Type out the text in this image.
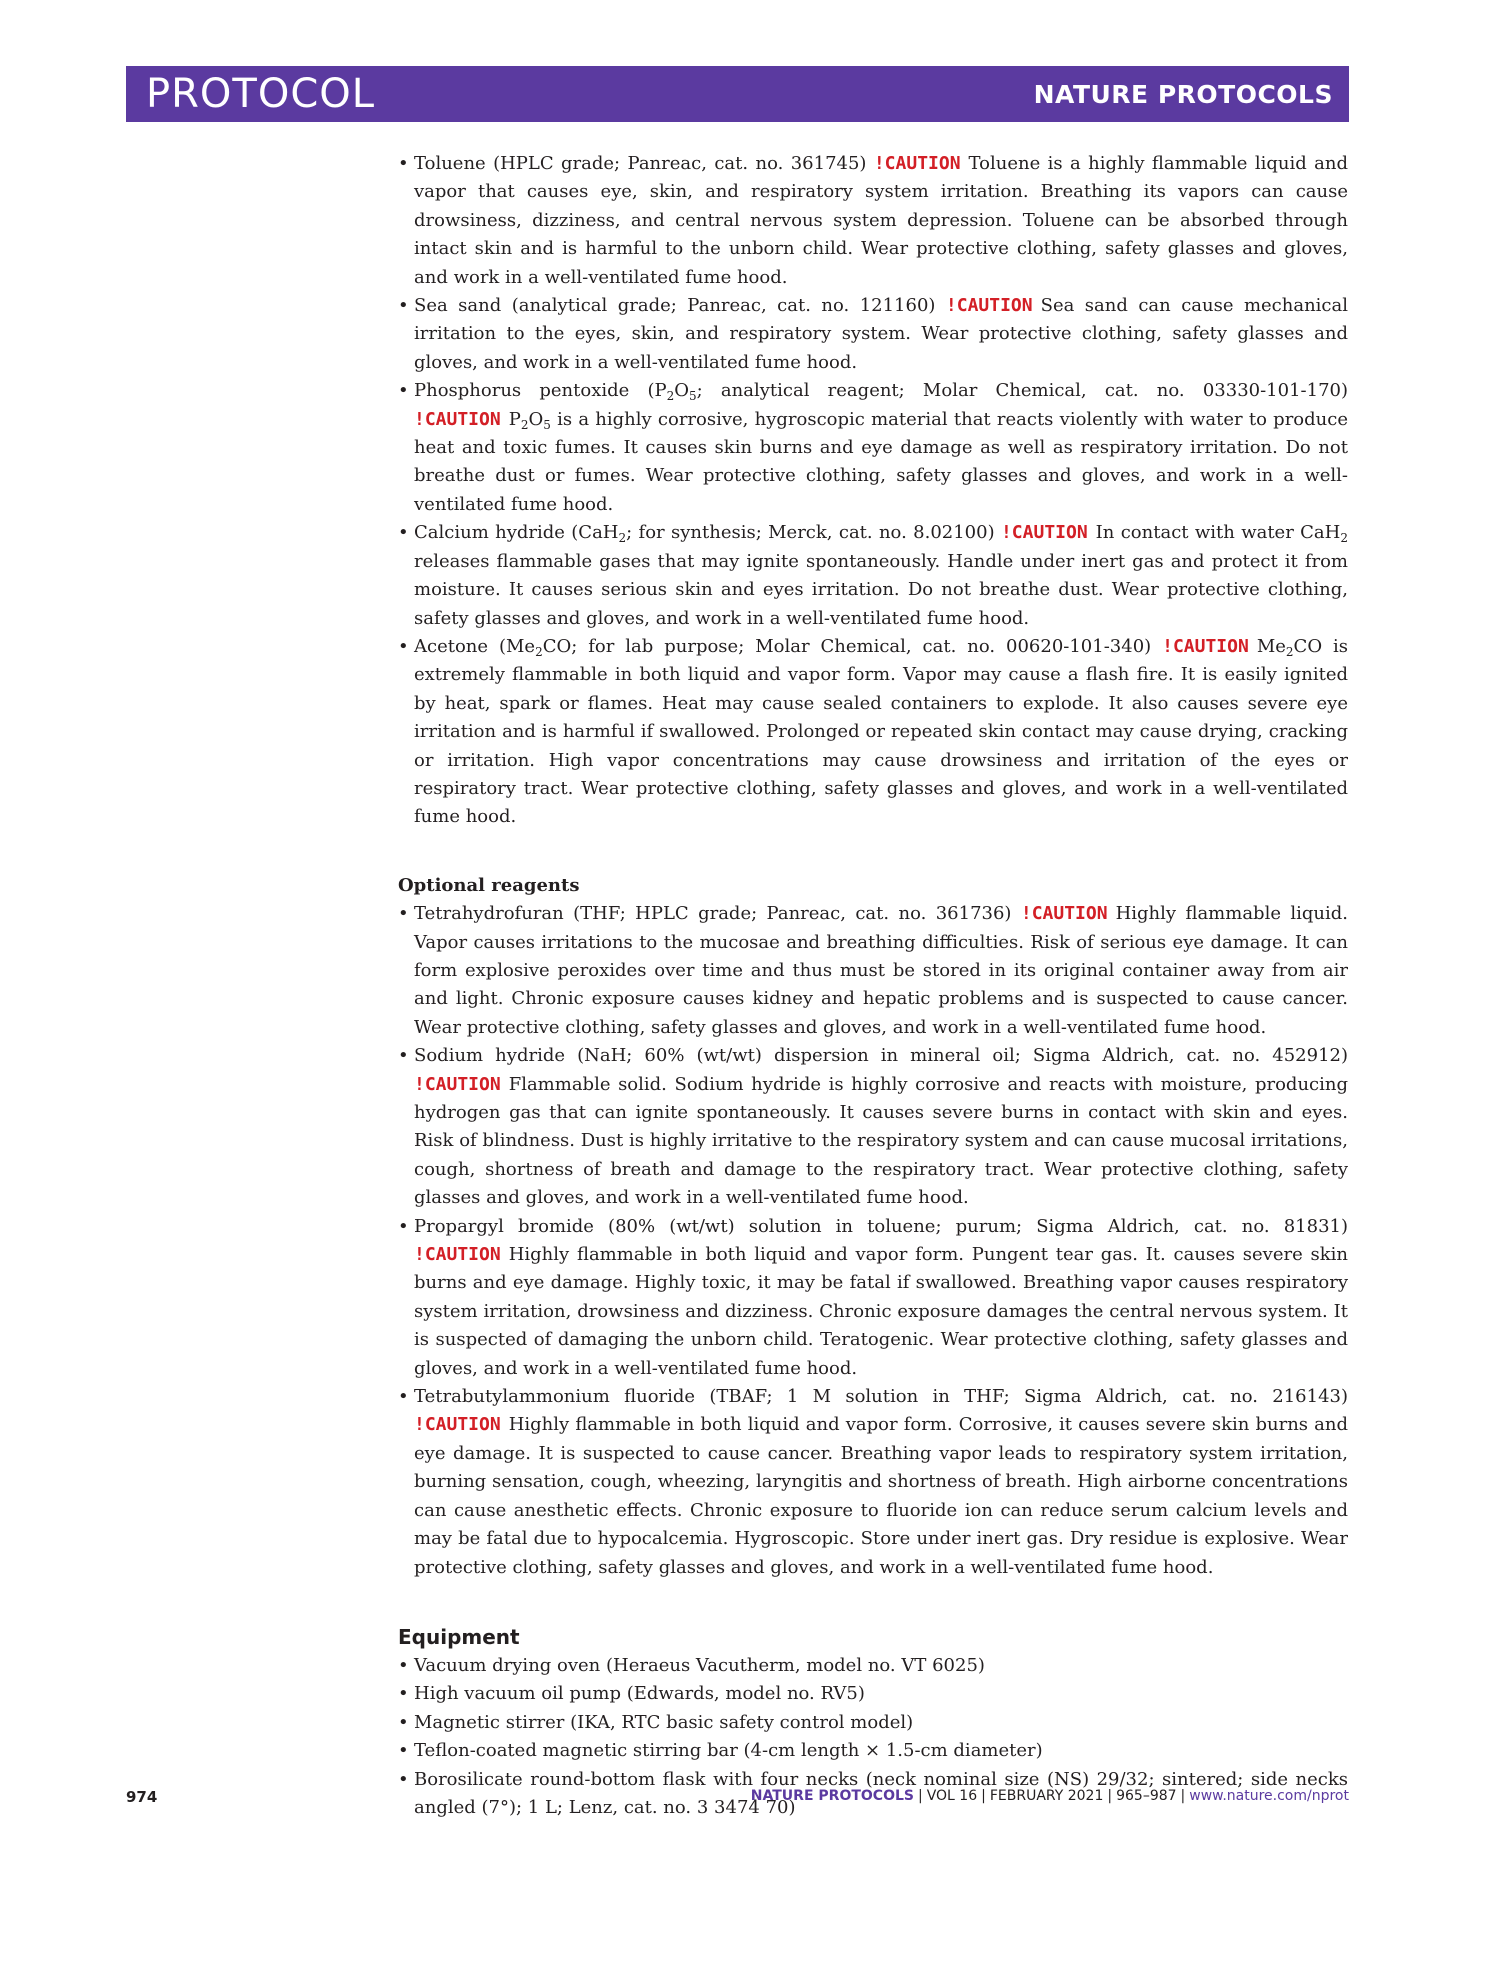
PROTOCOL	NATURE PROTOCOLS
• Toluene (HPLC grade; Panreac, cat. no. 361745) !CAUTION Toluene is a highly flammable liquid and vapor that causes eye, skin, and respiratory system irritation. Breathing its vapors can cause drowsiness, dizziness, and central nervous system depression. Toluene can be absorbed through intact skin and is harmful to the unborn child. Wear protective clothing, safety glasses and gloves, and work in a well-ventilated fume hood.
• Sea sand (analytical grade; Panreac, cat. no. 121160) !CAUTION Sea sand can cause mechanical irritation to the eyes, skin, and respiratory system. Wear protective clothing, safety glasses and gloves, and work in a well-ventilated fume hood.
• Phosphorus pentoxide ($P_2O_5$; analytical reagent; Molar Chemical, cat. no. 03330-101-170) !CAUTION $P_2O_5$ is a highly corrosive, hygroscopic material that reacts violently with water to produce heat and toxic fumes. It causes skin burns and eye damage as well as respiratory irritation. Do not breathe dust or fumes. Wear protective clothing, safety glasses and gloves, and work in a well-ventilated fume hood.
• Calcium hydride (CaH$_2$; for synthesis; Merck, cat. no. 8.02100) !CAUTION In contact with water CaH$_2$ releases flammable gases that may ignite spontaneously. Handle under inert gas and protect it from moisture. It causes serious skin and eyes irritation. Do not breathe dust. Wear protective clothing, safety glasses and gloves, and work in a well-ventilated fume hood.
• Acetone ($Me_2CO$; for lab purpose; Molar Chemical, cat. no. 00620-101-340) !CAUTION $Me_2CO$ is extremely flammable in both liquid and vapor form. Vapor may cause a flash fire. It is easily ignited by heat, spark or flames. Heat may cause sealed containers to explode. It also causes severe eye irritation and is harmful if swallowed. Prolonged or repeated skin contact may cause drying, cracking or irritation. High vapor concentrations may cause drowsiness and irritation of the eyes or respiratory tract. Wear protective clothing, safety glasses and gloves, and work in a well-ventilated fume hood.
Optional reagents
• Tetrahydrofuran (THF; HPLC grade; Panreac, cat. no. 361736) !CAUTION Highly flammable liquid. Vapor causes irritations to the mucosae and breathing difficulties. Risk of serious eye damage. It can form explosive peroxides over time and thus must be stored in its original container away from air and light. Chronic exposure causes kidney and hepatic problems and is suspected to cause cancer. Wear protective clothing, safety glasses and gloves, and work in a well-ventilated fume hood.
• Sodium hydride (NaH; 60% (wt/wt) dispersion in mineral oil; Sigma Aldrich, cat. no. 452912) !CAUTION Flammable solid. Sodium hydride is highly corrosive and reacts with moisture, producing hydrogen gas that can ignite spontaneously. It causes severe burns in contact with skin and eyes. Risk of blindness. Dust is highly irritative to the respiratory system and can cause mucosal irritations, cough, shortness of breath and damage to the respiratory tract. Wear protective clothing, safety glasses and gloves, and work in a well-ventilated fume hood.
• Propargyl bromide (80% (wt/wt) solution in toluene; purum; Sigma Aldrich, cat. no. 81831) !CAUTION Highly flammable in both liquid and vapor form. Pungent tear gas. It. causes severe skin burns and eye damage. Highly toxic, it may be fatal if swallowed. Breathing vapor causes respiratory system irritation, drowsiness and dizziness. Chronic exposure damages the central nervous system. It is suspected of damaging the unborn child. Teratogenic. Wear protective clothing, safety glasses and gloves, and work in a well-ventilated fume hood.
• Tetrabutylammonium fluoride (TBAF; 1 M solution in THF; Sigma Aldrich, cat. no. 216143) !CAUTION Highly flammable in both liquid and vapor form. Corrosive, it causes severe skin burns and eye damage. It is suspected to cause cancer. Breathing vapor leads to respiratory system irritation, burning sensation, cough, wheezing, laryngitis and shortness of breath. High airborne concentrations can cause anesthetic effects. Chronic exposure to fluoride ion can reduce serum calcium levels and may be fatal due to hypocalcemia. Hygroscopic. Store under inert gas. Dry residue is explosive. Wear protective clothing, safety glasses and gloves, and work in a well-ventilated fume hood.
Equipment
• Vacuum drying oven (Heraeus Vacutherm, model no. VT 6025)
• High vacuum oil pump (Edwards, model no. RV5)
• Magnetic stirrer (IKA, RTC basic safety control model)
• Teflon-coated magnetic stirring bar (4-cm length × 1.5-cm diameter)
• Borosilicate round-bottom flask with four necks (neck nominal size (NS) 29/32; sintered; side necks angled (7°); 1 L; Lenz, cat. no. 3 3474 70)
974	NATURE PROTOCOLS | VOL 16 | FEBRUARY 2021 | 965–987 | www.nature.com/nprot
